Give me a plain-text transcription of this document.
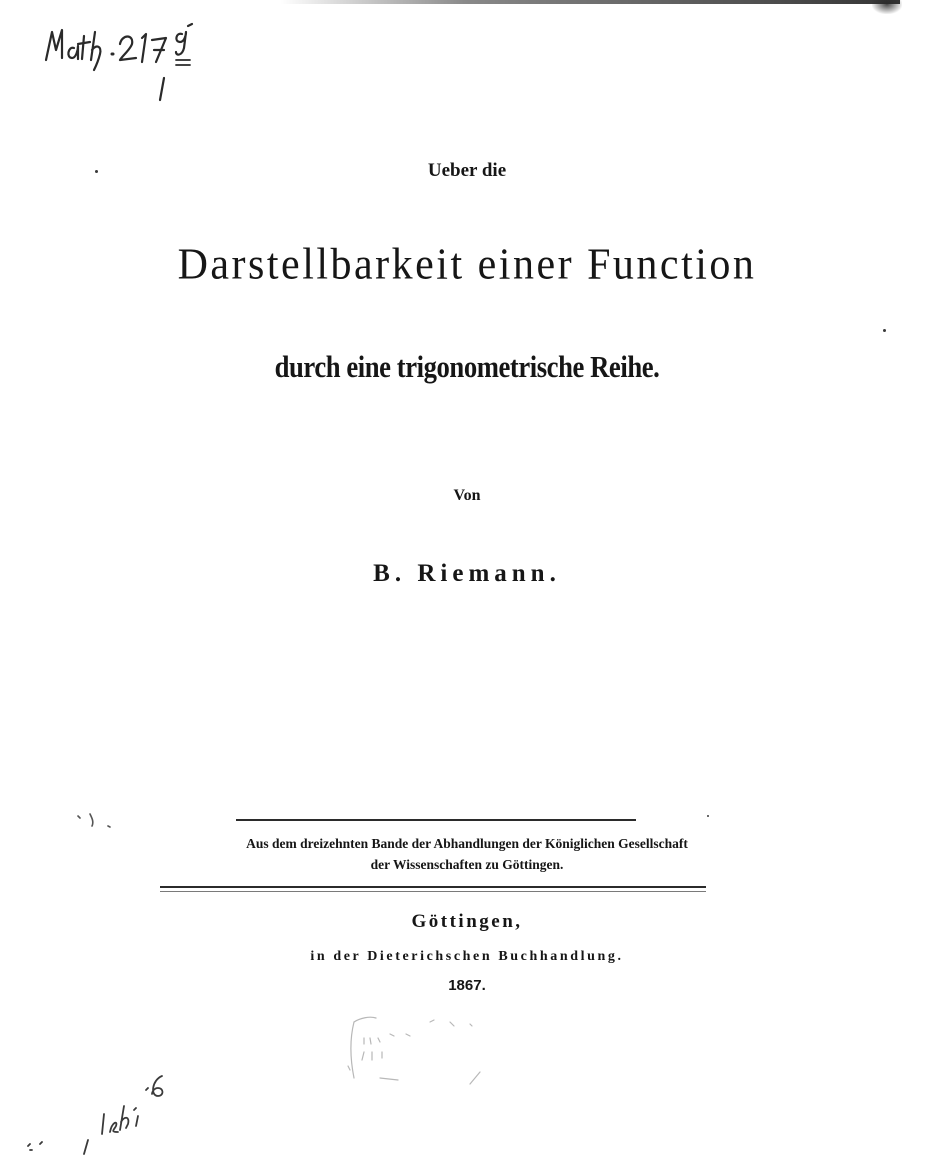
Ueber die
Darstellbarkeit einer Function
durch eine trigonometrische Reihe.
Von
B. Riemann.
Aus dem dreizehnten Bande der Abhandlungen der Königlichen Gesellschaft
der Wissenschaften zu Göttingen.
Göttingen,
in der Dieterichschen Buchhandlung.
1867.
